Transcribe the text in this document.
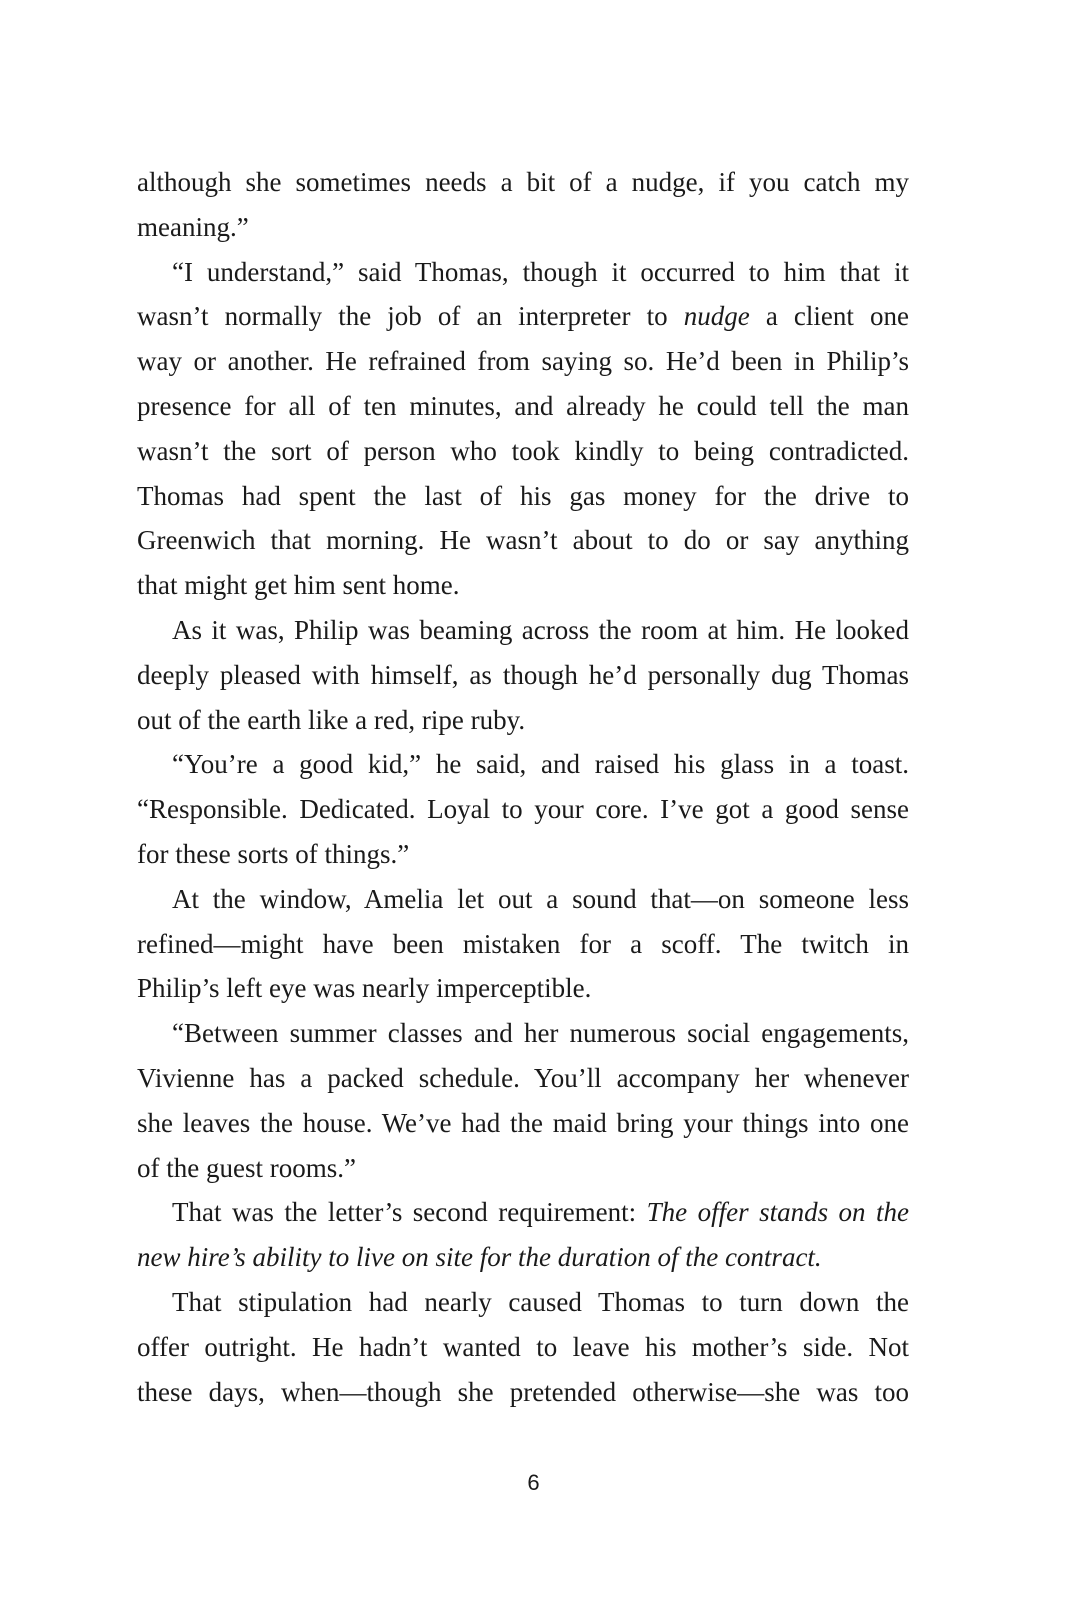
although she sometimes needs a bit of a nudge, if you catch my
meaning.”
“I understand,” said Thomas, though it occurred to him that it
wasn’t normally the job of an interpreter to nudge a client one
way or another. He refrained from saying so. He’d been in Philip’s
presence for all of ten minutes, and already he could tell the man
wasn’t the sort of person who took kindly to being contradicted.
Thomas had spent the last of his gas money for the drive to
Greenwich that morning. He wasn’t about to do or say anything
that might get him sent home.
As it was, Philip was beaming across the room at him. He looked
deeply pleased with himself, as though he’d personally dug Thomas
out of the earth like a red, ripe ruby.
“You’re a good kid,” he said, and raised his glass in a toast.
“Responsible. Dedicated. Loyal to your core. I’ve got a good sense
for these sorts of things.”
At the window, Amelia let out a sound that—on someone less
refined—might have been mistaken for a scoff. The twitch in
Philip’s left eye was nearly imperceptible.
“Between summer classes and her numerous social engagements,
Vivienne has a packed schedule. You’ll accompany her whenever
she leaves the house. We’ve had the maid bring your things into one
of the guest rooms.”
That was the letter’s second requirement: The offer stands on the
new hire’s ability to live on site for the duration of the contract.
That stipulation had nearly caused Thomas to turn down the
offer outright. He hadn’t wanted to leave his mother’s side. Not
these days, when—though she pretended otherwise—she was too
6
